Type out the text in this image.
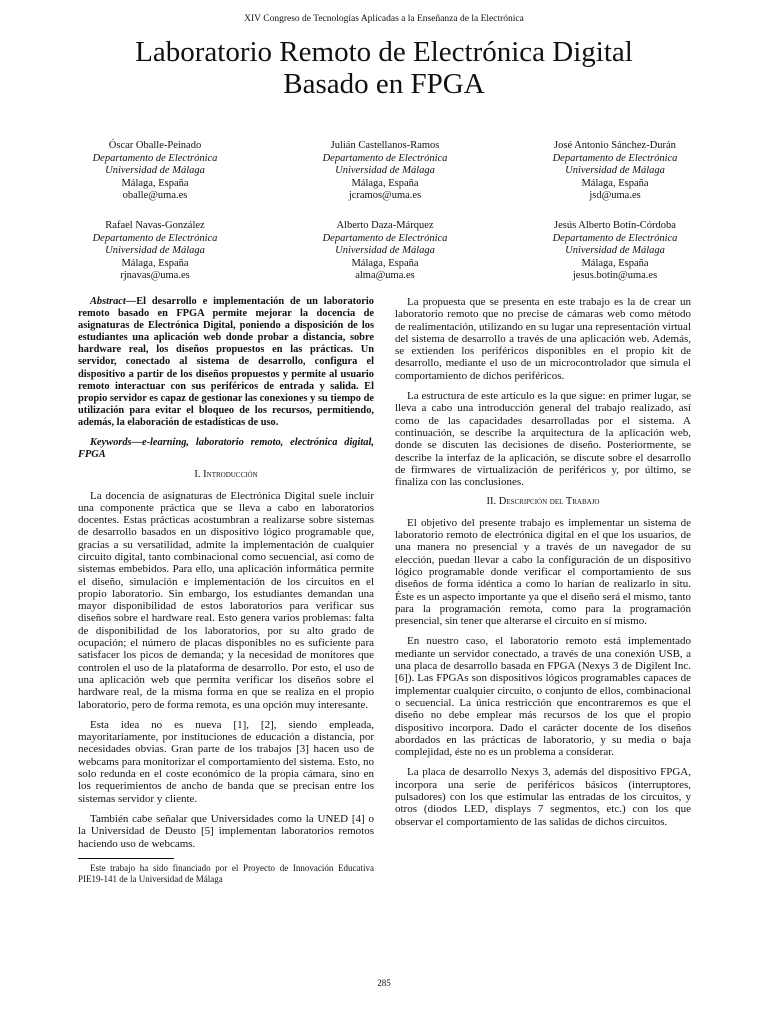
XIV Congreso de Tecnologías Aplicadas a la Enseñanza de la Electrónica
Laboratorio Remoto de Electrónica Digital
Basado en FPGA
Óscar Oballe-Peinado
Departamento de Electrónica
Universidad de Málaga
Málaga, España
oballe@uma.es
Julián Castellanos-Ramos
Departamento de Electrónica
Universidad de Málaga
Málaga, España
jcramos@uma.es
José Antonio Sánchez-Durán
Departamento de Electrónica
Universidad de Málaga
Málaga, España
jsd@uma.es
Rafael Navas-González
Departamento de Electrónica
Universidad de Málaga
Málaga, España
rjnavas@uma.es
Alberto Daza-Márquez
Departamento de Electrónica
Universidad de Málaga
Málaga, España
alma@uma.es
Jesús Alberto Botín-Córdoba
Departamento de Electrónica
Universidad de Málaga
Málaga, España
jesus.botin@uma.es

Abstract—El desarrollo e implementación de un laboratorio remoto basado en FPGA permite mejorar la docencia de asignaturas de Electrónica Digital, poniendo a disposición de los estudiantes una aplicación web donde probar a distancia, sobre hardware real, los diseños propuestos en las prácticas. Un servidor, conectado al sistema de desarrollo, configura el dispositivo a partir de los diseños propuestos y permite al usuario remoto interactuar con sus periféricos de entrada y salida. El propio servidor es capaz de gestionar las conexiones y su tiempo de utilización para evitar el bloqueo de los recursos, permitiendo, además, la elaboración de estadísticas de uso.

Keywords—e-learning, laboratorio remoto, electrónica digital, FPGA

I. Introducción

La docencia de asignaturas de Electrónica Digital suele incluir una componente práctica que se lleva a cabo en laboratorios docentes. Estas prácticas acostumbran a realizarse sobre sistemas de desarrollo basados en un dispositivo lógico programable que, gracias a su versatilidad, admite la implementación de cualquier circuito digital, tanto combinacional como secuencial, así como de sistemas embebidos. Para ello, una aplicación informática permite el diseño, simulación e implementación de los circuitos en el propio laboratorio. Sin embargo, los estudiantes demandan una mayor disponibilidad de estos laboratorios para verificar sus diseños sobre el hardware real. Esto genera varios problemas: falta de disponibilidad de los laboratorios, por su alto grado de ocupación; el número de placas disponibles no es suficiente para satisfacer los picos de demanda; y la necesidad de monitores que controlen el uso de la plataforma de desarrollo. Por esto, el uso de una aplicación web que permita verificar los diseños sobre el hardware real, de la misma forma en que se realiza en el propio laboratorio, pero de forma remota, es una opción muy interesante.

Esta idea no es nueva [1], [2], siendo empleada, mayoritariamente, por instituciones de educación a distancia, por necesidades obvias. Gran parte de los trabajos [3] hacen uso de webcams para monitorizar el comportamiento del sistema. Esto, no solo redunda en el coste económico de la propia cámara, sino en los requerimientos de ancho de banda que se precisan entre los sistemas servidor y cliente.

También cabe señalar que Universidades como la UNED [4] o la Universidad de Deusto [5] implementan laboratorios remotos haciendo uso de webcams.

Este trabajo ha sido financiado por el Proyecto de Innovación Educativa PIE19-141 de la Universidad de Málaga

La propuesta que se presenta en este trabajo es la de crear un laboratorio remoto que no precise de cámaras web como método de realimentación, utilizando en su lugar una representación virtual del sistema de desarrollo a través de una aplicación web. Además, se extienden los periféricos disponibles en el propio kit de desarrollo, mediante el uso de un microcontrolador que simula el comportamiento de dichos periféricos.

La estructura de este artículo es la que sigue: en primer lugar, se lleva a cabo una introducción general del trabajo realizado, así como de las capacidades desarrolladas por el sistema. A continuación, se describe la arquitectura de la aplicación web, donde se discuten las decisiones de diseño. Posteriormente, se describe la interfaz de la aplicación, se discute sobre el desarrollo de firmwares de virtualización de periféricos y, por último, se finaliza con las conclusiones.

II. Descripción del Trabajo

El objetivo del presente trabajo es implementar un sistema de laboratorio remoto de electrónica digital en el que los usuarios, de una manera no presencial y a través de un navegador de su elección, puedan llevar a cabo la configuración de un dispositivo lógico programable donde verificar el comportamiento de sus diseños de forma idéntica a como lo harían de realizarlo in situ. Éste es un aspecto importante ya que el diseño será el mismo, tanto para la programación remota, como para la programación presencial, sin tener que alterarse el circuito en sí mismo.

En nuestro caso, el laboratorio remoto está implementado mediante un servidor conectado, a través de una conexión USB, a una placa de desarrollo basada en FPGA (Nexys 3 de Digilent Inc. [6]). Las FPGAs son dispositivos lógicos programables capaces de implementar cualquier circuito, o conjunto de ellos, combinacional o secuencial. La única restricción que encontraremos es que el diseño no debe emplear más recursos de los que el propio dispositivo incorpora. Dado el carácter docente de los diseños abordados en las prácticas de laboratorio, y su media o baja complejidad, éste no es un problema a considerar.

La placa de desarrollo Nexys 3, además del dispositivo FPGA, incorpora una serie de periféricos básicos (interruptores, pulsadores) con los que estimular las entradas de los circuitos, y otros (diodos LED, displays 7 segmentos, etc.) con los que observar el comportamiento de las salidas de dichos circuitos.

285
